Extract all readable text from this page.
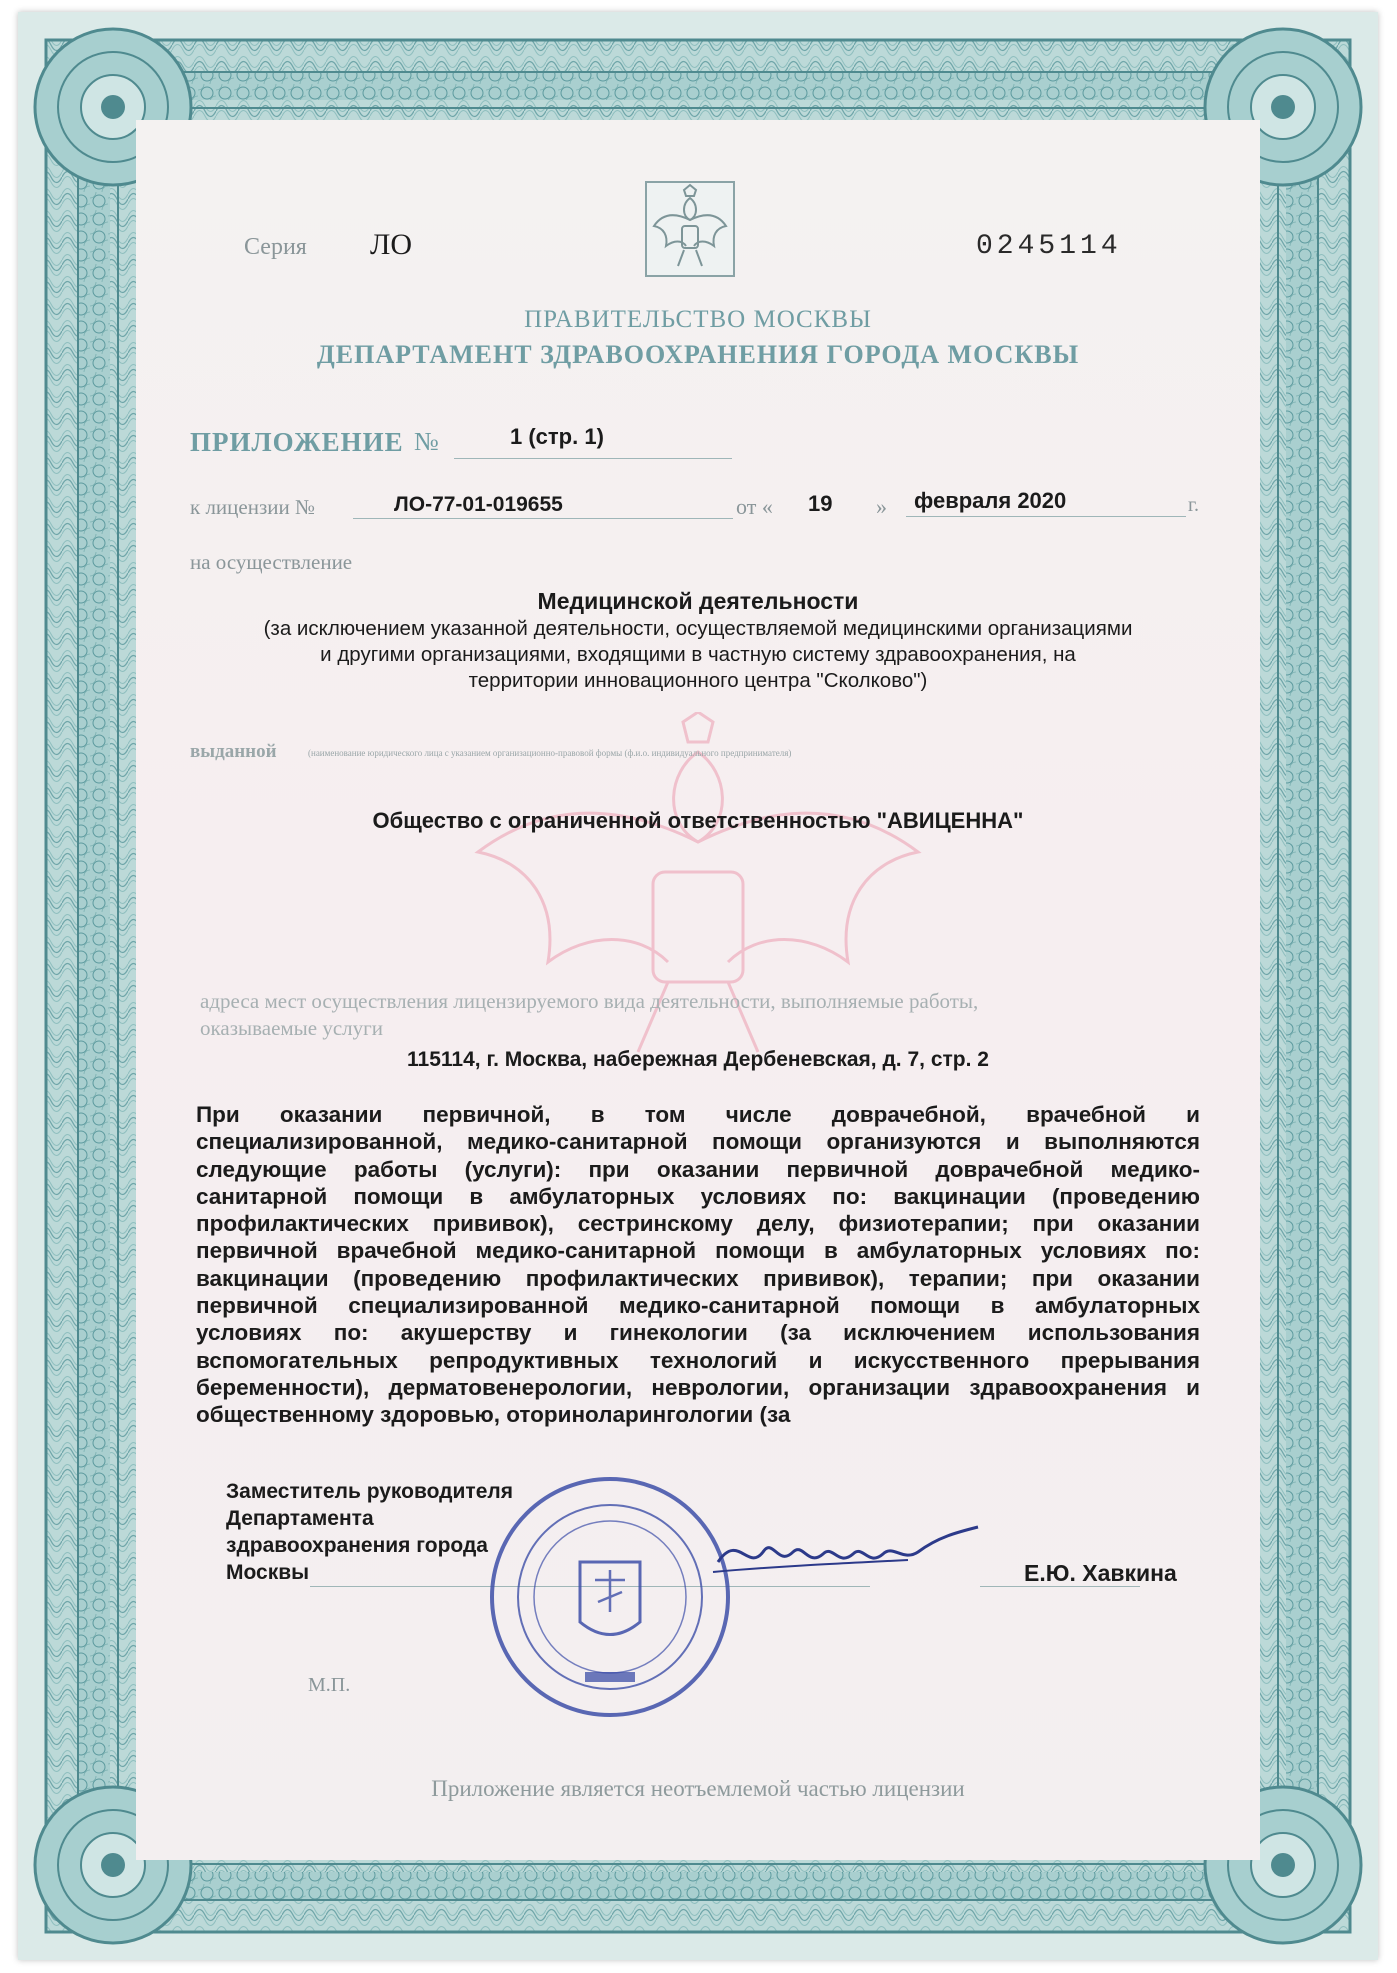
Серия ЛО	0245114
ПРАВИТЕЛЬСТВО МОСКВЫ
ДЕПАРТАМЕНТ ЗДРАВООХРАНЕНИЯ ГОРОДА МОСКВЫ
ПРИЛОЖЕНИЕ №	1 (стр. 1)
к лицензии №	ЛО-77-01-019655	от « 19 » февраля 2020	г.
на осуществление
Медицинской деятельности
(за исключением указанной деятельности, осуществляемой медицинскими организациями
и другими организациями, входящими в частную систему здравоохранения, на
территории инновационного центра "Сколково")
выданной	(наименование юридического лица с указанием организационно-правовой формы (ф.и.о. индивидуального предпринимателя)
Общество с ограниченной ответственностью "АВИЦЕННА"
адреса мест осуществления лицензируемого вида деятельности, выполняемые работы,
оказываемые услуги
115114, г. Москва, набережная Дербеневская, д. 7, стр. 2
При оказании первичной, в том числе доврачебной, врачебной и
специализированной, медико-санитарной помощи организуются и выполняются
следующие работы (услуги): при оказании первичной доврачебной медико-
санитарной помощи в амбулаторных условиях по: вакцинации (проведению
профилактических прививок), сестринскому делу, физиотерапии; при оказании
первичной врачебной медико-санитарной помощи в амбулаторных условиях по:
вакцинации (проведению профилактических прививок), терапии; при оказании
первичной специализированной медико-санитарной помощи в амбулаторных
условиях по: акушерству и гинекологии (за исключением использования
вспомогательных репродуктивных технологий и искусственного прерывания
беременности), дерматовенерологии, неврологии, организации здравоохранения и
общественному здоровью, оториноларингологии (за
Заместитель руководителя
Департамента
здравоохранения города
Москвы	Е.Ю. Хавкина
М.П.
Приложение является неотъемлемой частью лицензии
